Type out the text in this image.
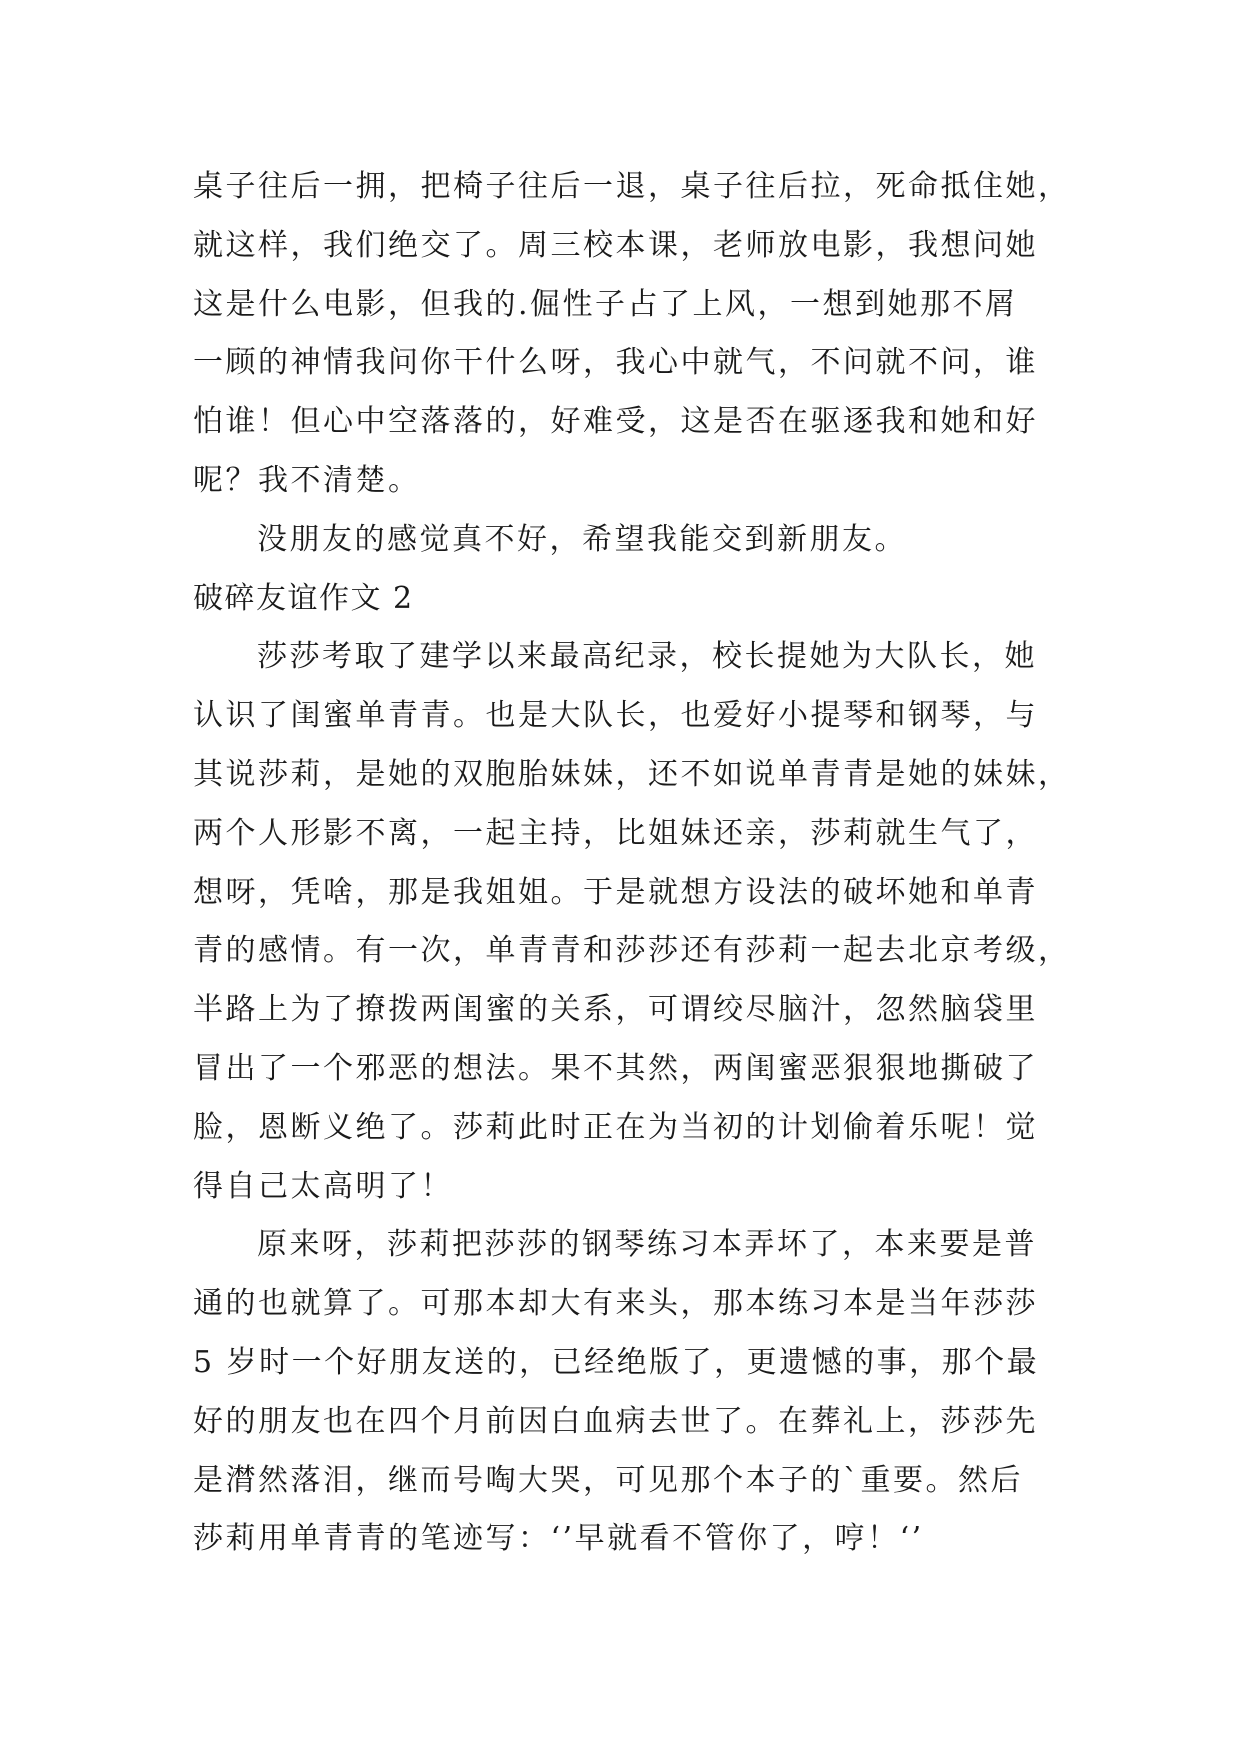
桌子往后一拥，把椅子往后一退，桌子往后拉，死命抵住她，
就这样，我们绝交了。周三校本课，老师放电影，我想问她
这是什么电影，但我的.倔性子占了上风，一想到她那不屑
一顾的神情我问你干什么呀，我心中就气，不问就不问，谁
怕谁！但心中空落落的，好难受，这是否在驱逐我和她和好
呢？我不清楚。
没朋友的感觉真不好，希望我能交到新朋友。
破碎友谊作文 2
莎莎考取了建学以来最高纪录，校长提她为大队长，她
认识了闺蜜单青青。也是大队长，也爱好小提琴和钢琴，与
其说莎莉，是她的双胞胎妹妹，还不如说单青青是她的妹妹，
两个人形影不离，一起主持，比姐妹还亲，莎莉就生气了，
想呀，凭啥，那是我姐姐。于是就想方设法的破坏她和单青
青的感情。有一次，单青青和莎莎还有莎莉一起去北京考级，
半路上为了撩拨两闺蜜的关系，可谓绞尽脑汁，忽然脑袋里
冒出了一个邪恶的想法。果不其然，两闺蜜恶狠狠地撕破了
脸，恩断义绝了。莎莉此时正在为当初的计划偷着乐呢！觉
得自己太高明了！
原来呀，莎莉把莎莎的钢琴练习本弄坏了，本来要是普
通的也就算了。可那本却大有来头，那本练习本是当年莎莎
5 岁时一个好朋友送的，已经绝版了，更遗憾的事，那个最
好的朋友也在四个月前因白血病去世了。在葬礼上，莎莎先
是潸然落泪，继而号啕大哭，可见那个本子的`重要。然后
莎莉用单青青的笔迹写：‘’早就看不管你了，哼！‘’
